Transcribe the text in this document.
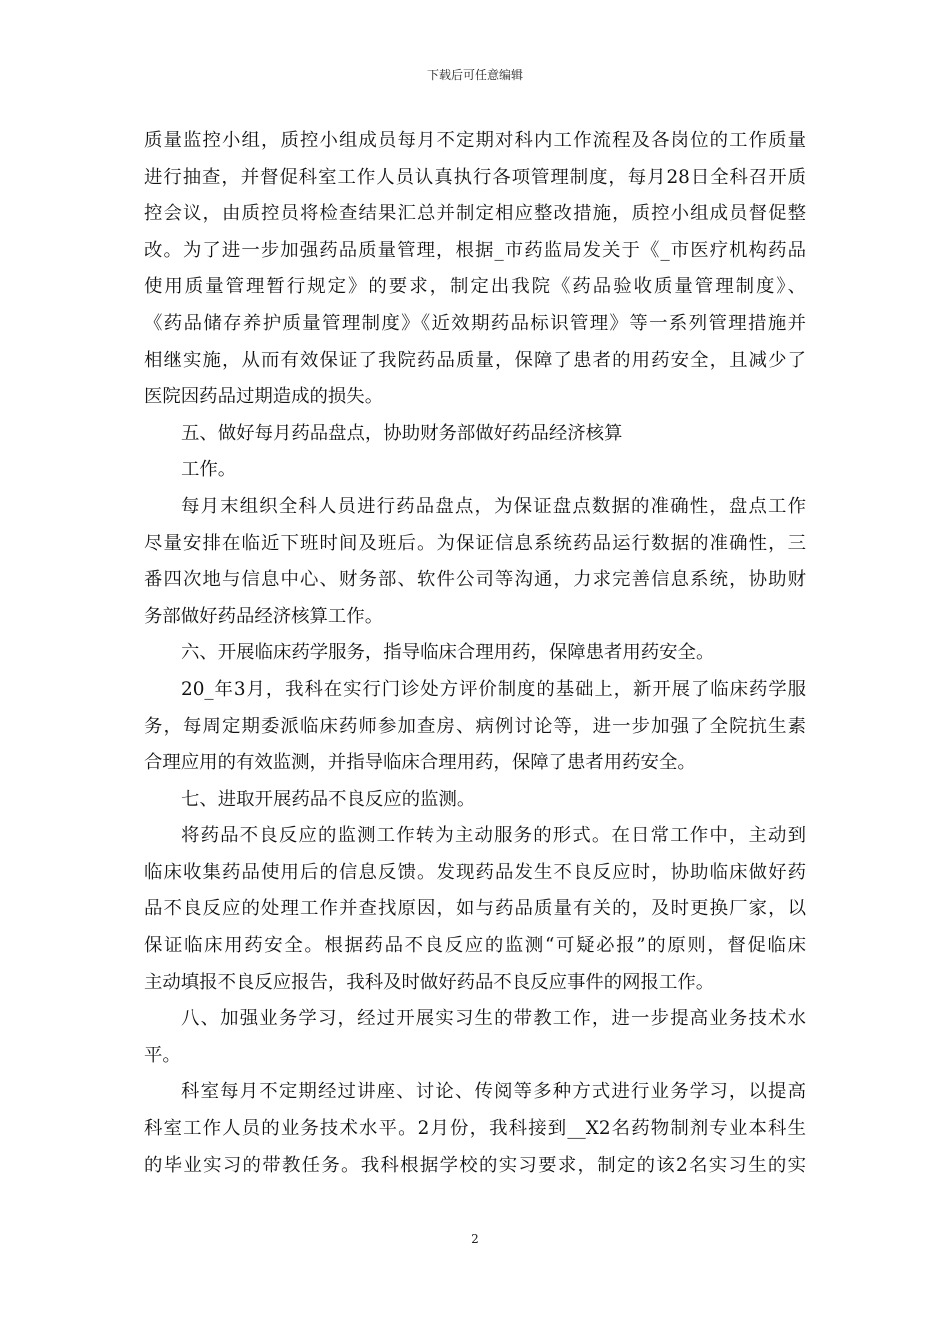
下载后可任意编辑
质量监控小组，质控小组成员每月不定期对科内工作流程及各岗位的工作质量
进行抽查，并督促科室工作人员认真执行各项管理制度，每月28日全科召开质
控会议，由质控员将检查结果汇总并制定相应整改措施，质控小组成员督促整
改。为了进一步加强药品质量管理，根据_市药监局发关于《_市医疗机构药品
使用质量管理暂行规定》的要求，制定出我院《药品验收质量管理制度》、
《药品储存养护质量管理制度》《近效期药品标识管理》等一系列管理措施并
相继实施，从而有效保证了我院药品质量，保障了患者的用药安全，且减少了
医院因药品过期造成的损失。
五、做好每月药品盘点，协助财务部做好药品经济核算
工作。
每月末组织全科人员进行药品盘点，为保证盘点数据的准确性，盘点工作
尽量安排在临近下班时间及班后。为保证信息系统药品运行数据的准确性，三
番四次地与信息中心、财务部、软件公司等沟通，力求完善信息系统，协助财
务部做好药品经济核算工作。
六、开展临床药学服务，指导临床合理用药，保障患者用药安全。
20_年3月，我科在实行门诊处方评价制度的基础上，新开展了临床药学服
务，每周定期委派临床药师参加查房、病例讨论等，进一步加强了全院抗生素
合理应用的有效监测，并指导临床合理用药，保障了患者用药安全。
七、进取开展药品不良反应的监测。
将药品不良反应的监测工作转为主动服务的形式。在日常工作中，主动到
临床收集药品使用后的信息反馈。发现药品发生不良反应时，协助临床做好药
品不良反应的处理工作并查找原因，如与药品质量有关的，及时更换厂家，以
保证临床用药安全。根据药品不良反应的监测“可疑必报”的原则，督促临床
主动填报不良反应报告，我科及时做好药品不良反应事件的网报工作。
八、加强业务学习，经过开展实习生的带教工作，进一步提高业务技术水
平。
科室每月不定期经过讲座、讨论、传阅等多种方式进行业务学习，以提高
科室工作人员的业务技术水平。2月份，我科接到__X2名药物制剂专业本科生
的毕业实习的带教任务。我科根据学校的实习要求，制定的该2名实习生的实
2
